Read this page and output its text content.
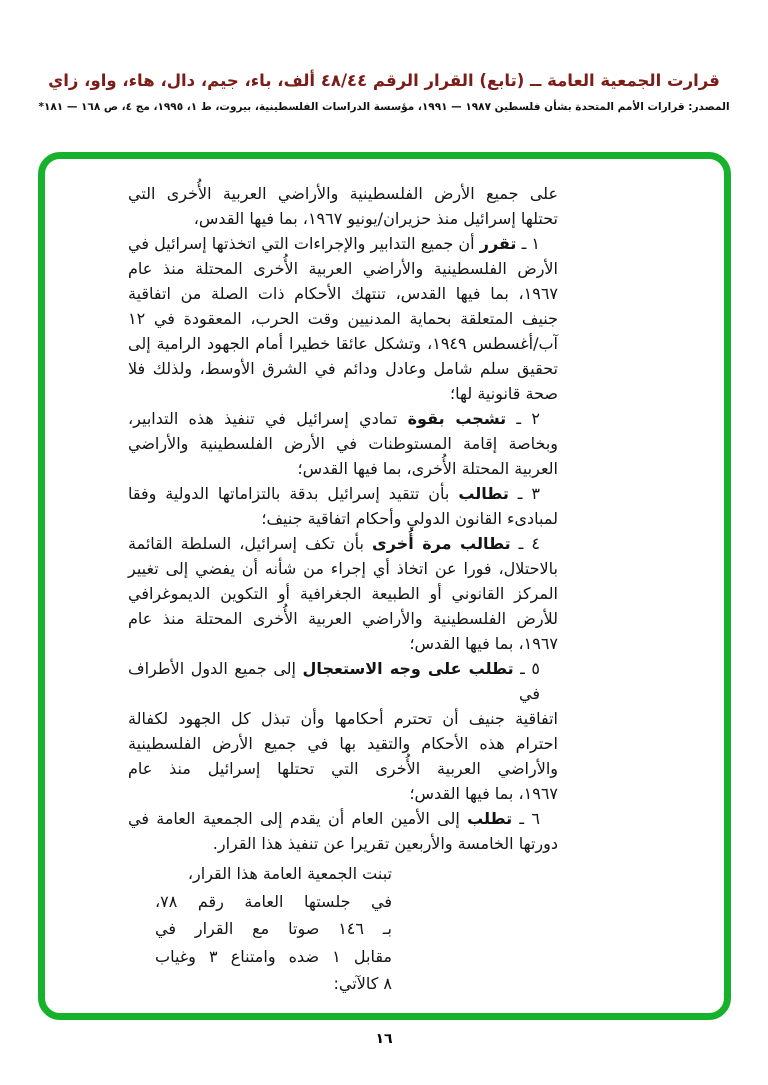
قرارت الجمعية العامة ــ (تابع) القرار الرقم ٤٨/٤٤ ألف، باء، جيم، دال، هاء، واو، زاي
المصدر: قرارات الأمم المتحدة بشأن فلسطين ⁦١٩٨٧ — ١٩٩١⁩، مؤسسة الدراسات الفلسطينية، بيروت، ط ١، ١٩٩٥، مج ٤، ص ⁦١٦٨ — ١٨١⁩*
على جميع الأرض الفلسطينية والأراضي العربية الأُخرى التي
تحتلها إسرائيل منذ حزيران/يونيو ١٩٦٧، بما فيها القدس،
١ ـ تقرر أن جميع التدابير والإجراءات التي اتخذتها إسرائيل في
الأرض الفلسطينية والأراضي العربية الأُخرى المحتلة منذ عام
١٩٦٧، بما فيها القدس، تنتهك الأحكام ذات الصلة من اتفاقية
جنيف المتعلقة بحماية المدنيين وقت الحرب، المعقودة في ١٢
آب/أغسطس ١٩٤٩، وتشكل عائقا خطيرا أمام الجهود الرامية إلى
تحقيق سلم شامل وعادل ودائم في الشرق الأوسط، ولذلك فلا
صحة قانونية لها؛
٢ ـ تشجب بقوة تمادي إسرائيل في تنفيذ هذه التدابير،
وبخاصة إقامة المستوطنات في الأرض الفلسطينية والأراضي
العربية المحتلة الأُخرى، بما فيها القدس؛
٣ ـ تطالب بأن تتقيد إسرائيل بدقة بالتزاماتها الدولية وفقا
لمبادىء القانون الدولي وأحكام اتفاقية جنيف؛
٤ ـ تطالب مرة أُخرى بأن تكف إسرائيل، السلطة القائمة
بالاحتلال، فورا عن اتخاذ أي إجراء من شأنه أن يفضي إلى تغيير
المركز القانوني أو الطبيعة الجغرافية أو التكوين الديموغرافي
للأرض الفلسطينية والأراضي العربية الأُخرى المحتلة منذ عام
١٩٦٧، بما فيها القدس؛
٥ ـ تطلب على وجه الاستعجال إلى جميع الدول الأطراف في
اتفاقية جنيف أن تحترم أحكامها وأن تبذل كل الجهود لكفالة
احترام هذه الأحكام والتقيد بها في جميع الأرض الفلسطينية
والأراضي العربية الأُخرى التي تحتلها إسرائيل منذ عام
١٩٦٧، بما فيها القدس؛
٦ ـ تطلب إلى الأمين العام أن يقدم إلى الجمعية العامة في
دورتها الخامسة والأربعين تقريرا عن تنفيذ هذا القرار.
تبنت الجمعية العامة هذا القرار،
في جلستها العامة رقم ٧٨،
بـ ١٤٦ صوتا مع القرار في
مقابل ١ ضده وامتناع ٣ وغياب
٨ كالآتي:
١٦
